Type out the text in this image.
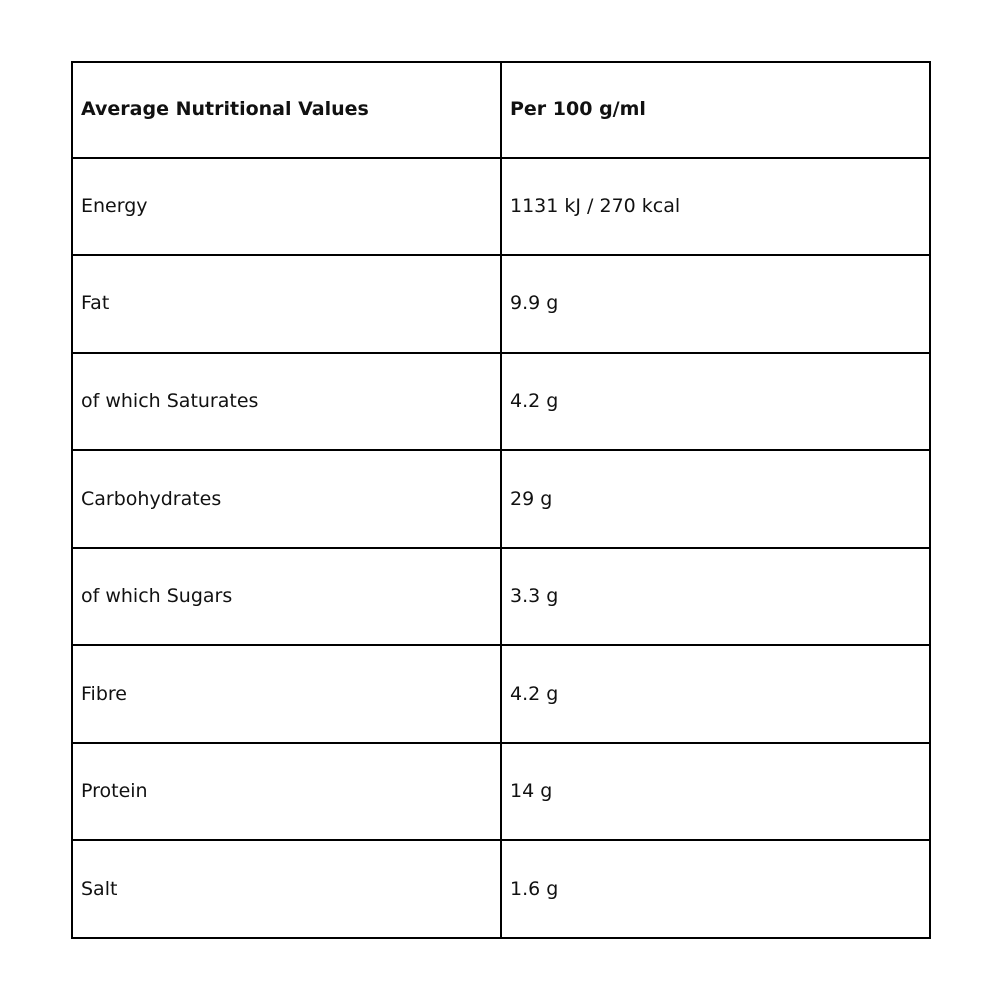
Average Nutritional Values	Per 100 g/ml
Energy	1131 kJ / 270 kcal
Fat	9.9 g
of which Saturates	4.2 g
Carbohydrates	29 g
of which Sugars	3.3 g
Fibre	4.2 g
Protein	14 g
Salt	1.6 g
